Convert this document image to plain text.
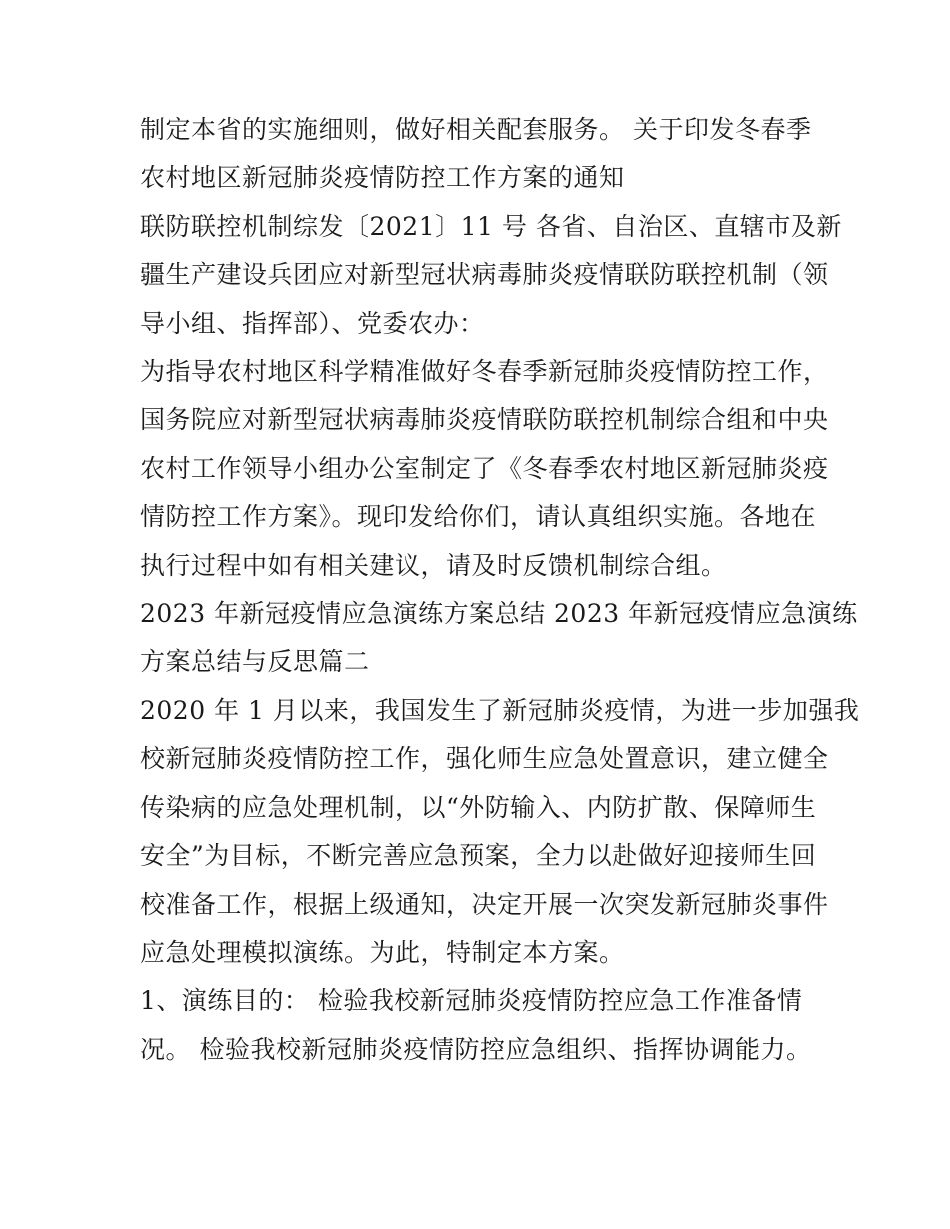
制定本省的实施细则，做好相关配套服务。 关于印发冬春季
农村地区新冠肺炎疫情防控工作方案的通知
联防联控机制综发〔2021〕11 号 各省、自治区、直辖市及新
疆生产建设兵团应对新型冠状病毒肺炎疫情联防联控机制（领
导小组、指挥部）、党委农办：
为指导农村地区科学精准做好冬春季新冠肺炎疫情防控工作，
国务院应对新型冠状病毒肺炎疫情联防联控机制综合组和中央
农村工作领导小组办公室制定了《冬春季农村地区新冠肺炎疫
情防控工作方案》。现印发给你们，请认真组织实施。各地在
执行过程中如有相关建议，请及时反馈机制综合组。
2023 年新冠疫情应急演练方案总结 2023 年新冠疫情应急演练
方案总结与反思篇二
2020 年 1 月以来，我国发生了新冠肺炎疫情，为进一步加强我
校新冠肺炎疫情防控工作，强化师生应急处置意识，建立健全
传染病的应急处理机制，以“外防输入、内防扩散、保障师生
安全”为目标，不断完善应急预案，全力以赴做好迎接师生回
校准备工作，根据上级通知，决定开展一次突发新冠肺炎事件
应急处理模拟演练。为此，特制定本方案。
1、演练目的： 检验我校新冠肺炎疫情防控应急工作准备情
况。 检验我校新冠肺炎疫情防控应急组织、指挥协调能力。
